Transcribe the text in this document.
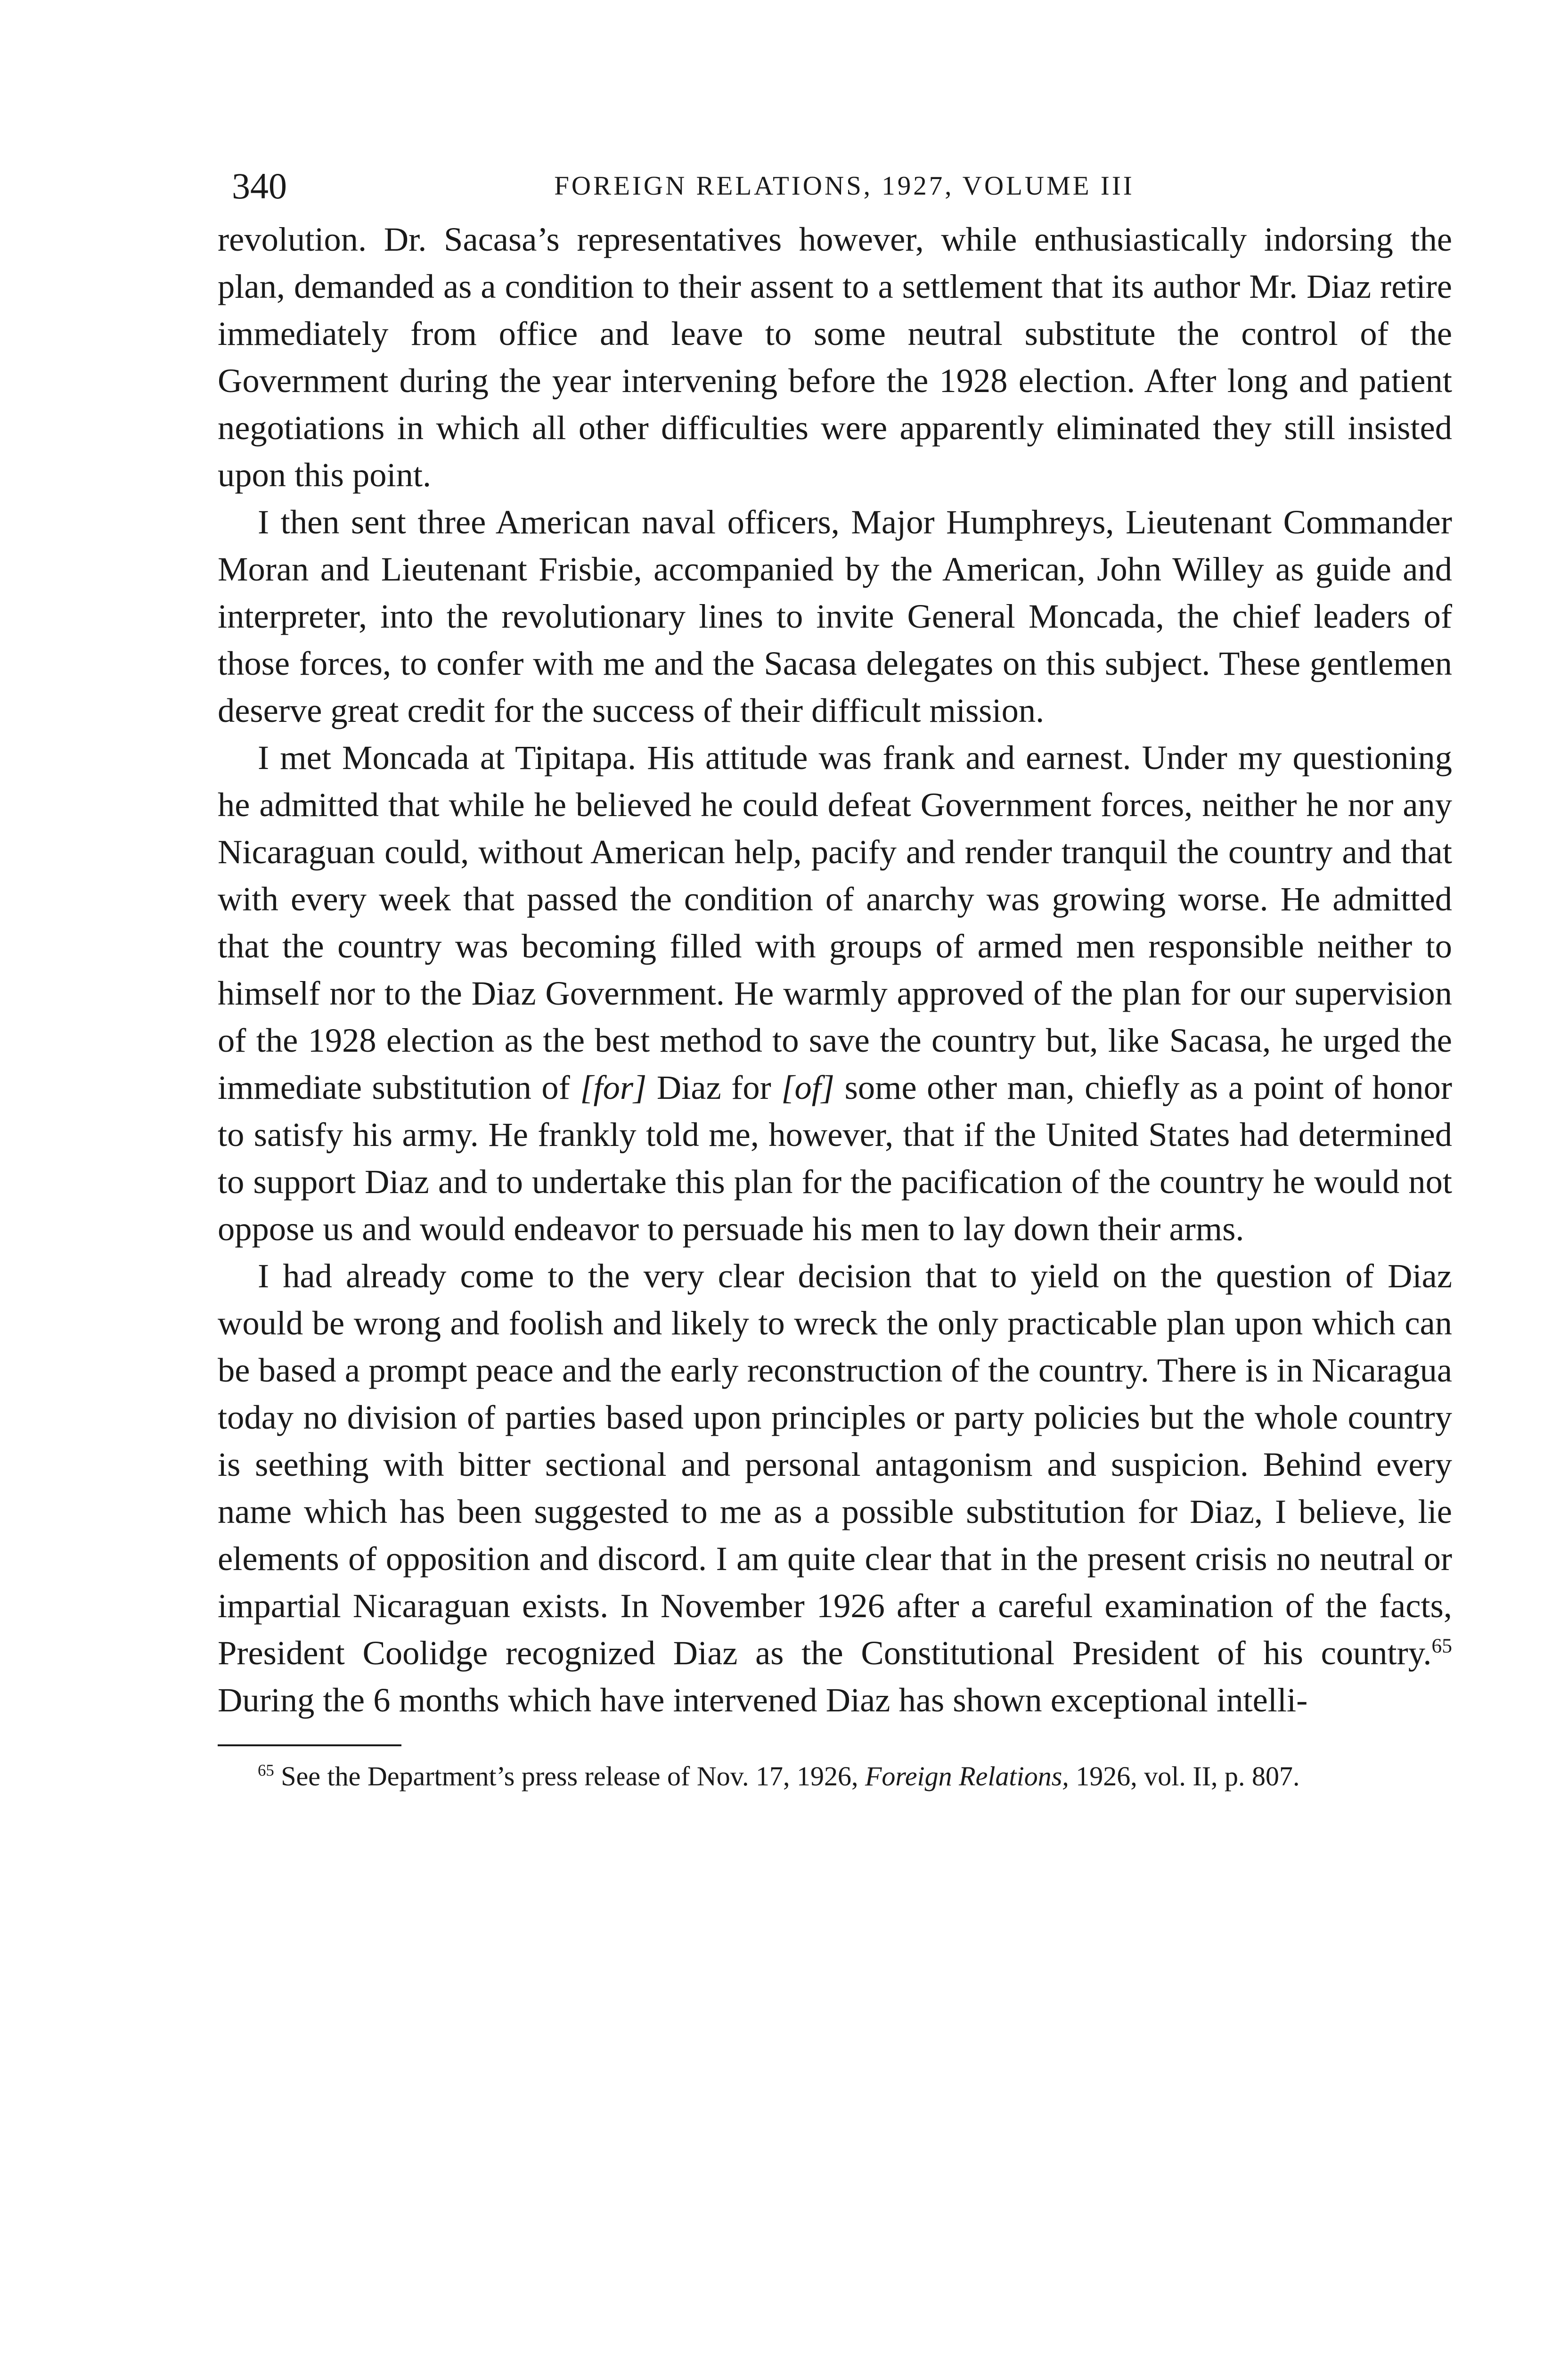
340	FOREIGN RELATIONS, 1927, VOLUME III

revolution. Dr. Sacasa’s representatives however, while enthusiastically indorsing the plan, demanded as a condition to their assent to a settlement that its author Mr. Diaz retire immediately from office and leave to some neutral substitute the control of the Government during the year intervening before the 1928 election. After long and patient negotiations in which all other difficulties were apparently eliminated they still insisted upon this point.

I then sent three American naval officers, Major Humphreys, Lieutenant Commander Moran and Lieutenant Frisbie, accompanied by the American, John Willey as guide and interpreter, into the revolutionary lines to invite General Moncada, the chief leaders of those forces, to confer with me and the Sacasa delegates on this subject. These gentlemen deserve great credit for the success of their difficult mission.

I met Moncada at Tipitapa. His attitude was frank and earnest. Under my questioning he admitted that while he believed he could defeat Government forces, neither he nor any Nicaraguan could, without American help, pacify and render tranquil the country and that with every week that passed the condition of anarchy was growing worse. He admitted that the country was becoming filled with groups of armed men responsible neither to himself nor to the Diaz Government. He warmly approved of the plan for our supervision of the 1928 election as the best method to save the country but, like Sacasa, he urged the immediate substitution of [for] Diaz for [of] some other man, chiefly as a point of honor to satisfy his army. He frankly told me, however, that if the United States had determined to support Diaz and to undertake this plan for the pacification of the country he would not oppose us and would endeavor to persuade his men to lay down their arms.

I had already come to the very clear decision that to yield on the question of Diaz would be wrong and foolish and likely to wreck the only practicable plan upon which can be based a prompt peace and the early reconstruction of the country. There is in Nicaragua today no division of parties based upon principles or party policies but the whole country is seething with bitter sectional and personal antagonism and suspicion. Behind every name which has been suggested to me as a possible substitution for Diaz, I believe, lie elements of opposition and discord. I am quite clear that in the present crisis no neutral or impartial Nicaraguan exists. In November 1926 after a careful examination of the facts, President Coolidge recognized Diaz as the Constitutional President of his country.$^{65}$ During the 6 months which have intervened Diaz has shown exceptional intelli-

$^{65}$ See the Department’s press release of Nov. 17, 1926, Foreign Relations, 1926, vol. II, p. 807.
